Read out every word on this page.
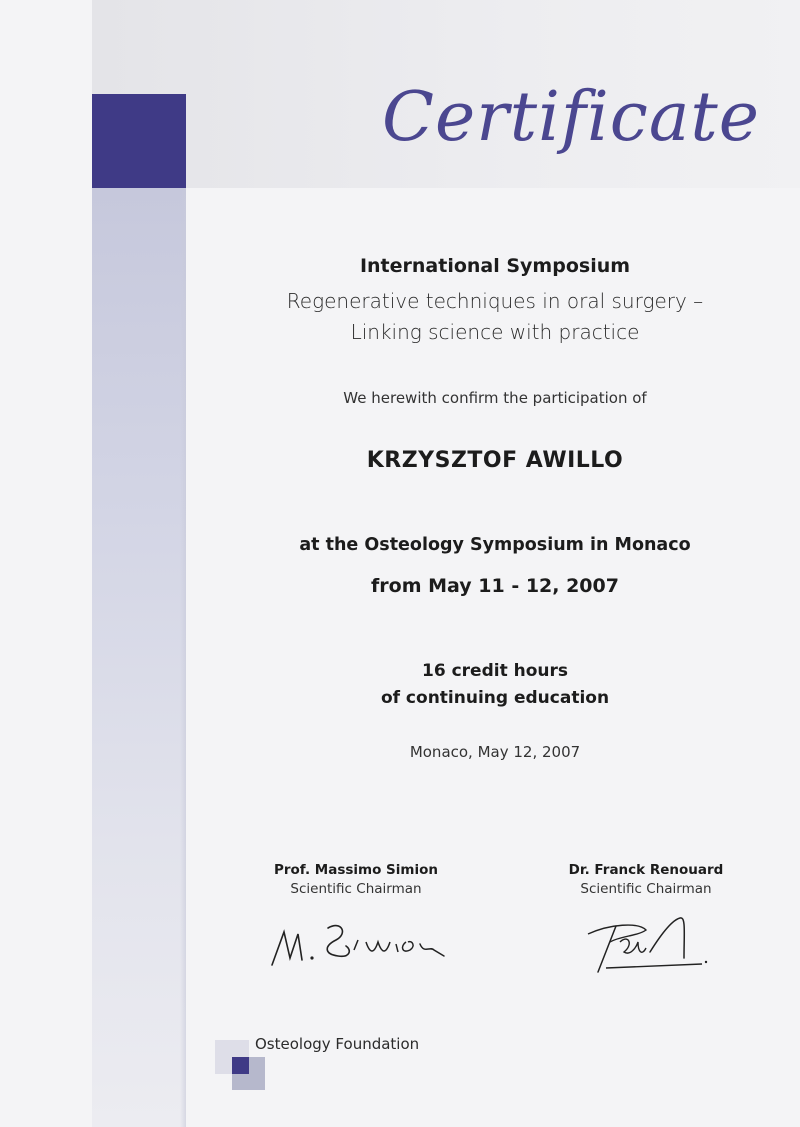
Certificate
International Symposium
Regenerative techniques in oral surgery –
Linking science with practice
We herewith confirm the participation of
KRZYSZTOF AWILLO
at the Osteology Symposium in Monaco
from May 11 - 12, 2007
16 credit hours
of continuing education
Monaco, May 12, 2007
Prof. Massimo Simion
Scientific Chairman
Dr. Franck Renouard
Scientific Chairman
Osteology Foundation
